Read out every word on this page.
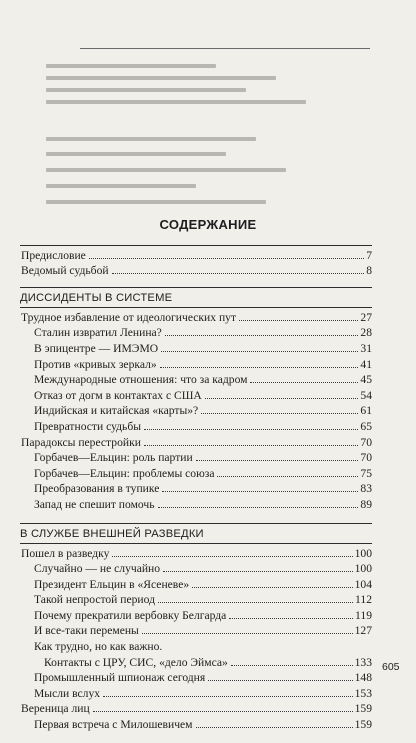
СОДЕРЖАНИЕ
Предисловие	7
Ведомый судьбой	8
ДИССИДЕНТЫ В СИСТЕМЕ
Трудное избавление от идеологических пут	27
Сталин извратил Ленина?	28
В эпицентре — ИМЭМО	31
Против «кривых зеркал»	41
Международные отношения: что за кадром	45
Отказ от догм в контактах с США	54
Индийская и китайская «карты»?	61
Превратности судьбы	65
Парадоксы перестройки	70
Горбачев—Ельцин: роль партии	70
Горбачев—Ельцин: проблемы союза	75
Преобразования в тупике	83
Запад не спешит помочь	89
В СЛУЖБЕ ВНЕШНЕЙ РАЗВЕДКИ
Пошел в разведку	100
Случайно — не случайно	100
Президент Ельцин в «Ясеневе»	104
Такой непростой период	112
Почему прекратили вербовку Белгарда	119
И все-таки перемены	127
Как трудно, но как важно.
Контакты с ЦРУ, СИС, «дело Эймса»	133
Промышленный шпионаж сегодня	148
Мысли вслух	153
Вереница лиц	159
Первая встреча с Милошевичем	159
605
